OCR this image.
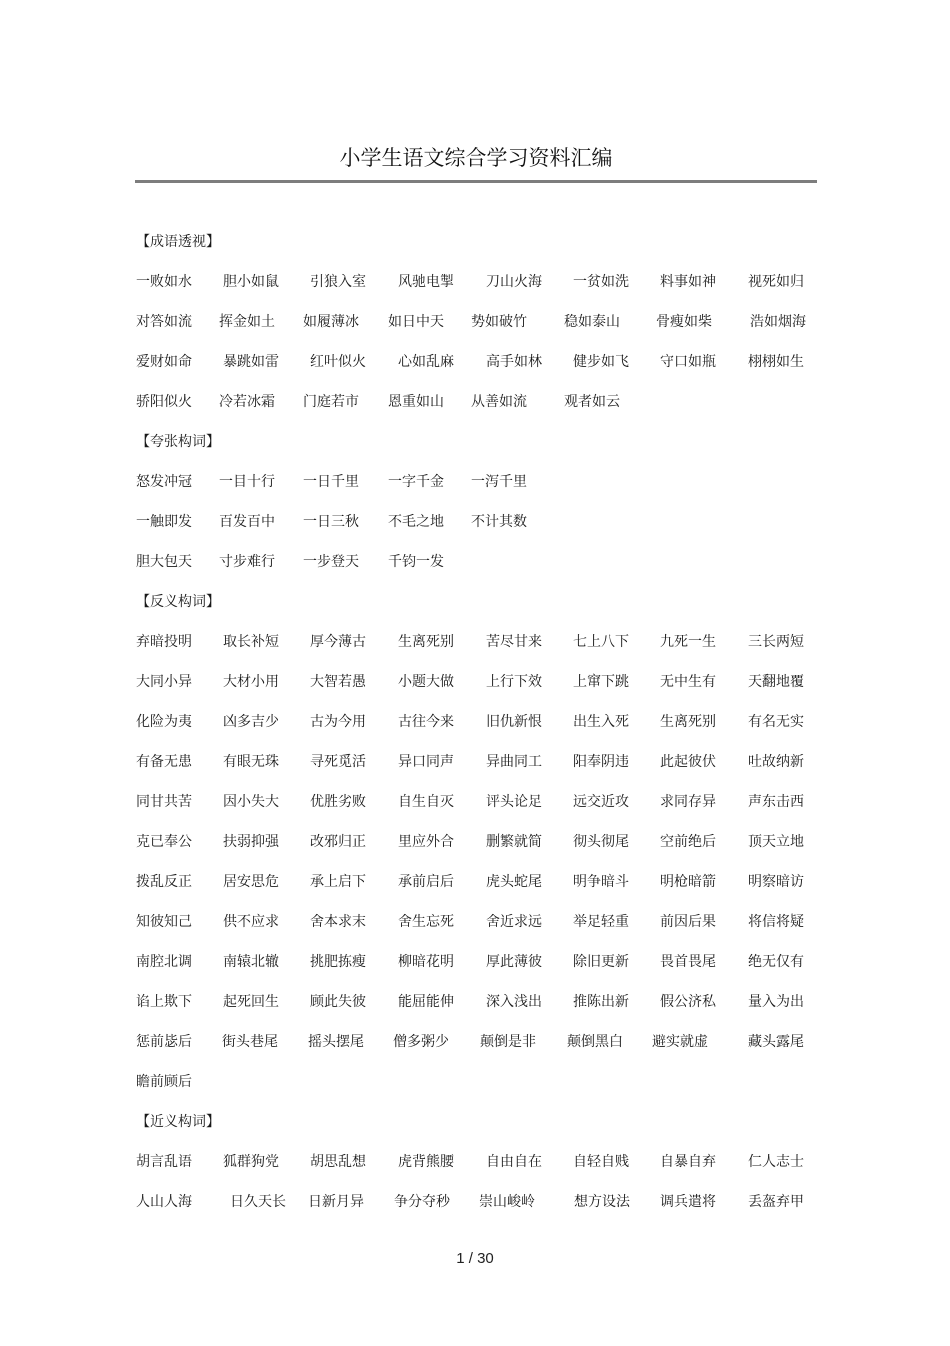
小学生语文综合学习资料汇编
【成语透视】
一败如水 胆小如鼠 引狼入室 风驰电掣 刀山火海 一贫如洗 料事如神 视死如归
对答如流 挥金如土 如履薄冰 如日中天 势如破竹	稳如泰山	骨瘦如柴	浩如烟海
爱财如命 暴跳如雷 红叶似火 心如乱麻 高手如林 健步如飞 守口如瓶 栩栩如生
骄阳似火 冷若冰霜 门庭若市 恩重如山 从善如流	观者如云
【夸张构词】
怒发冲冠 一目十行 一日千里 一字千金 一泻千里
一触即发 百发百中 一日三秋 不毛之地 不计其数
胆大包天 寸步难行 一步登天 千钧一发
【反义构词】
弃暗投明 取长补短 厚今薄古 生离死别 苦尽甘来 七上八下 九死一生 三长两短
大同小异 大材小用 大智若愚 小题大做 上行下效 上窜下跳 无中生有 天翻地覆
化险为夷 凶多吉少 古为今用 古往今来 旧仇新恨 出生入死 生离死别 有名无实
有备无患 有眼无珠 寻死觅活 异口同声 异曲同工 阳奉阴违 此起彼伏 吐故纳新
同甘共苦 因小失大 优胜劣败 自生自灭 评头论足 远交近攻 求同存异 声东击西
克已奉公 扶弱抑强 改邪归正 里应外合 删繁就简 彻头彻尾 空前绝后 顶天立地
拨乱反正 居安思危 承上启下 承前启后 虎头蛇尾 明争暗斗 明枪暗箭 明察暗访
知彼知己 供不应求 舍本求末 舍生忘死 舍近求远 举足轻重 前因后果 将信将疑
南腔北调 南辕北辙 挑肥拣瘦 柳暗花明 厚此薄彼 除旧更新 畏首畏尾 绝无仅有
谄上欺下 起死回生 顾此失彼 能屈能伸 深入浅出 推陈出新 假公济私 量入为出
惩前毖后 街头巷尾 摇头摆尾 僧多粥少 颠倒是非 颠倒黑白 避实就虚	藏头露尾
瞻前顾后
【近义构词】
胡言乱语 狐群狗党 胡思乱想 虎背熊腰 自由自在 自轻自贱 自暴自弃 仁人志士
人山人海	日久天长 日新月异 争分夺秒 崇山峻岭	想方设法 调兵遣将 丢盔弃甲
1 / 30
